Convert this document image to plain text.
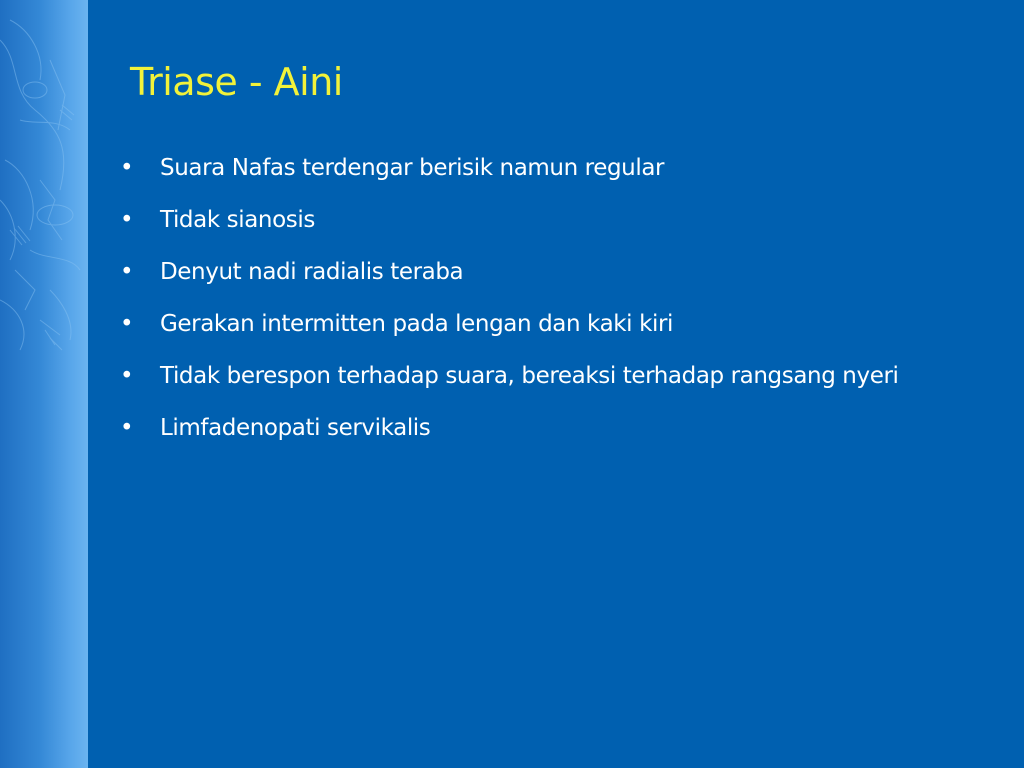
Triase - Aini
• Suara Nafas terdengar berisik namun regular
• Tidak sianosis
• Denyut nadi radialis teraba
• Gerakan intermitten pada lengan dan kaki kiri
• Tidak berespon terhadap suara, bereaksi terhadap rangsang nyeri
• Limfadenopati servikalis
